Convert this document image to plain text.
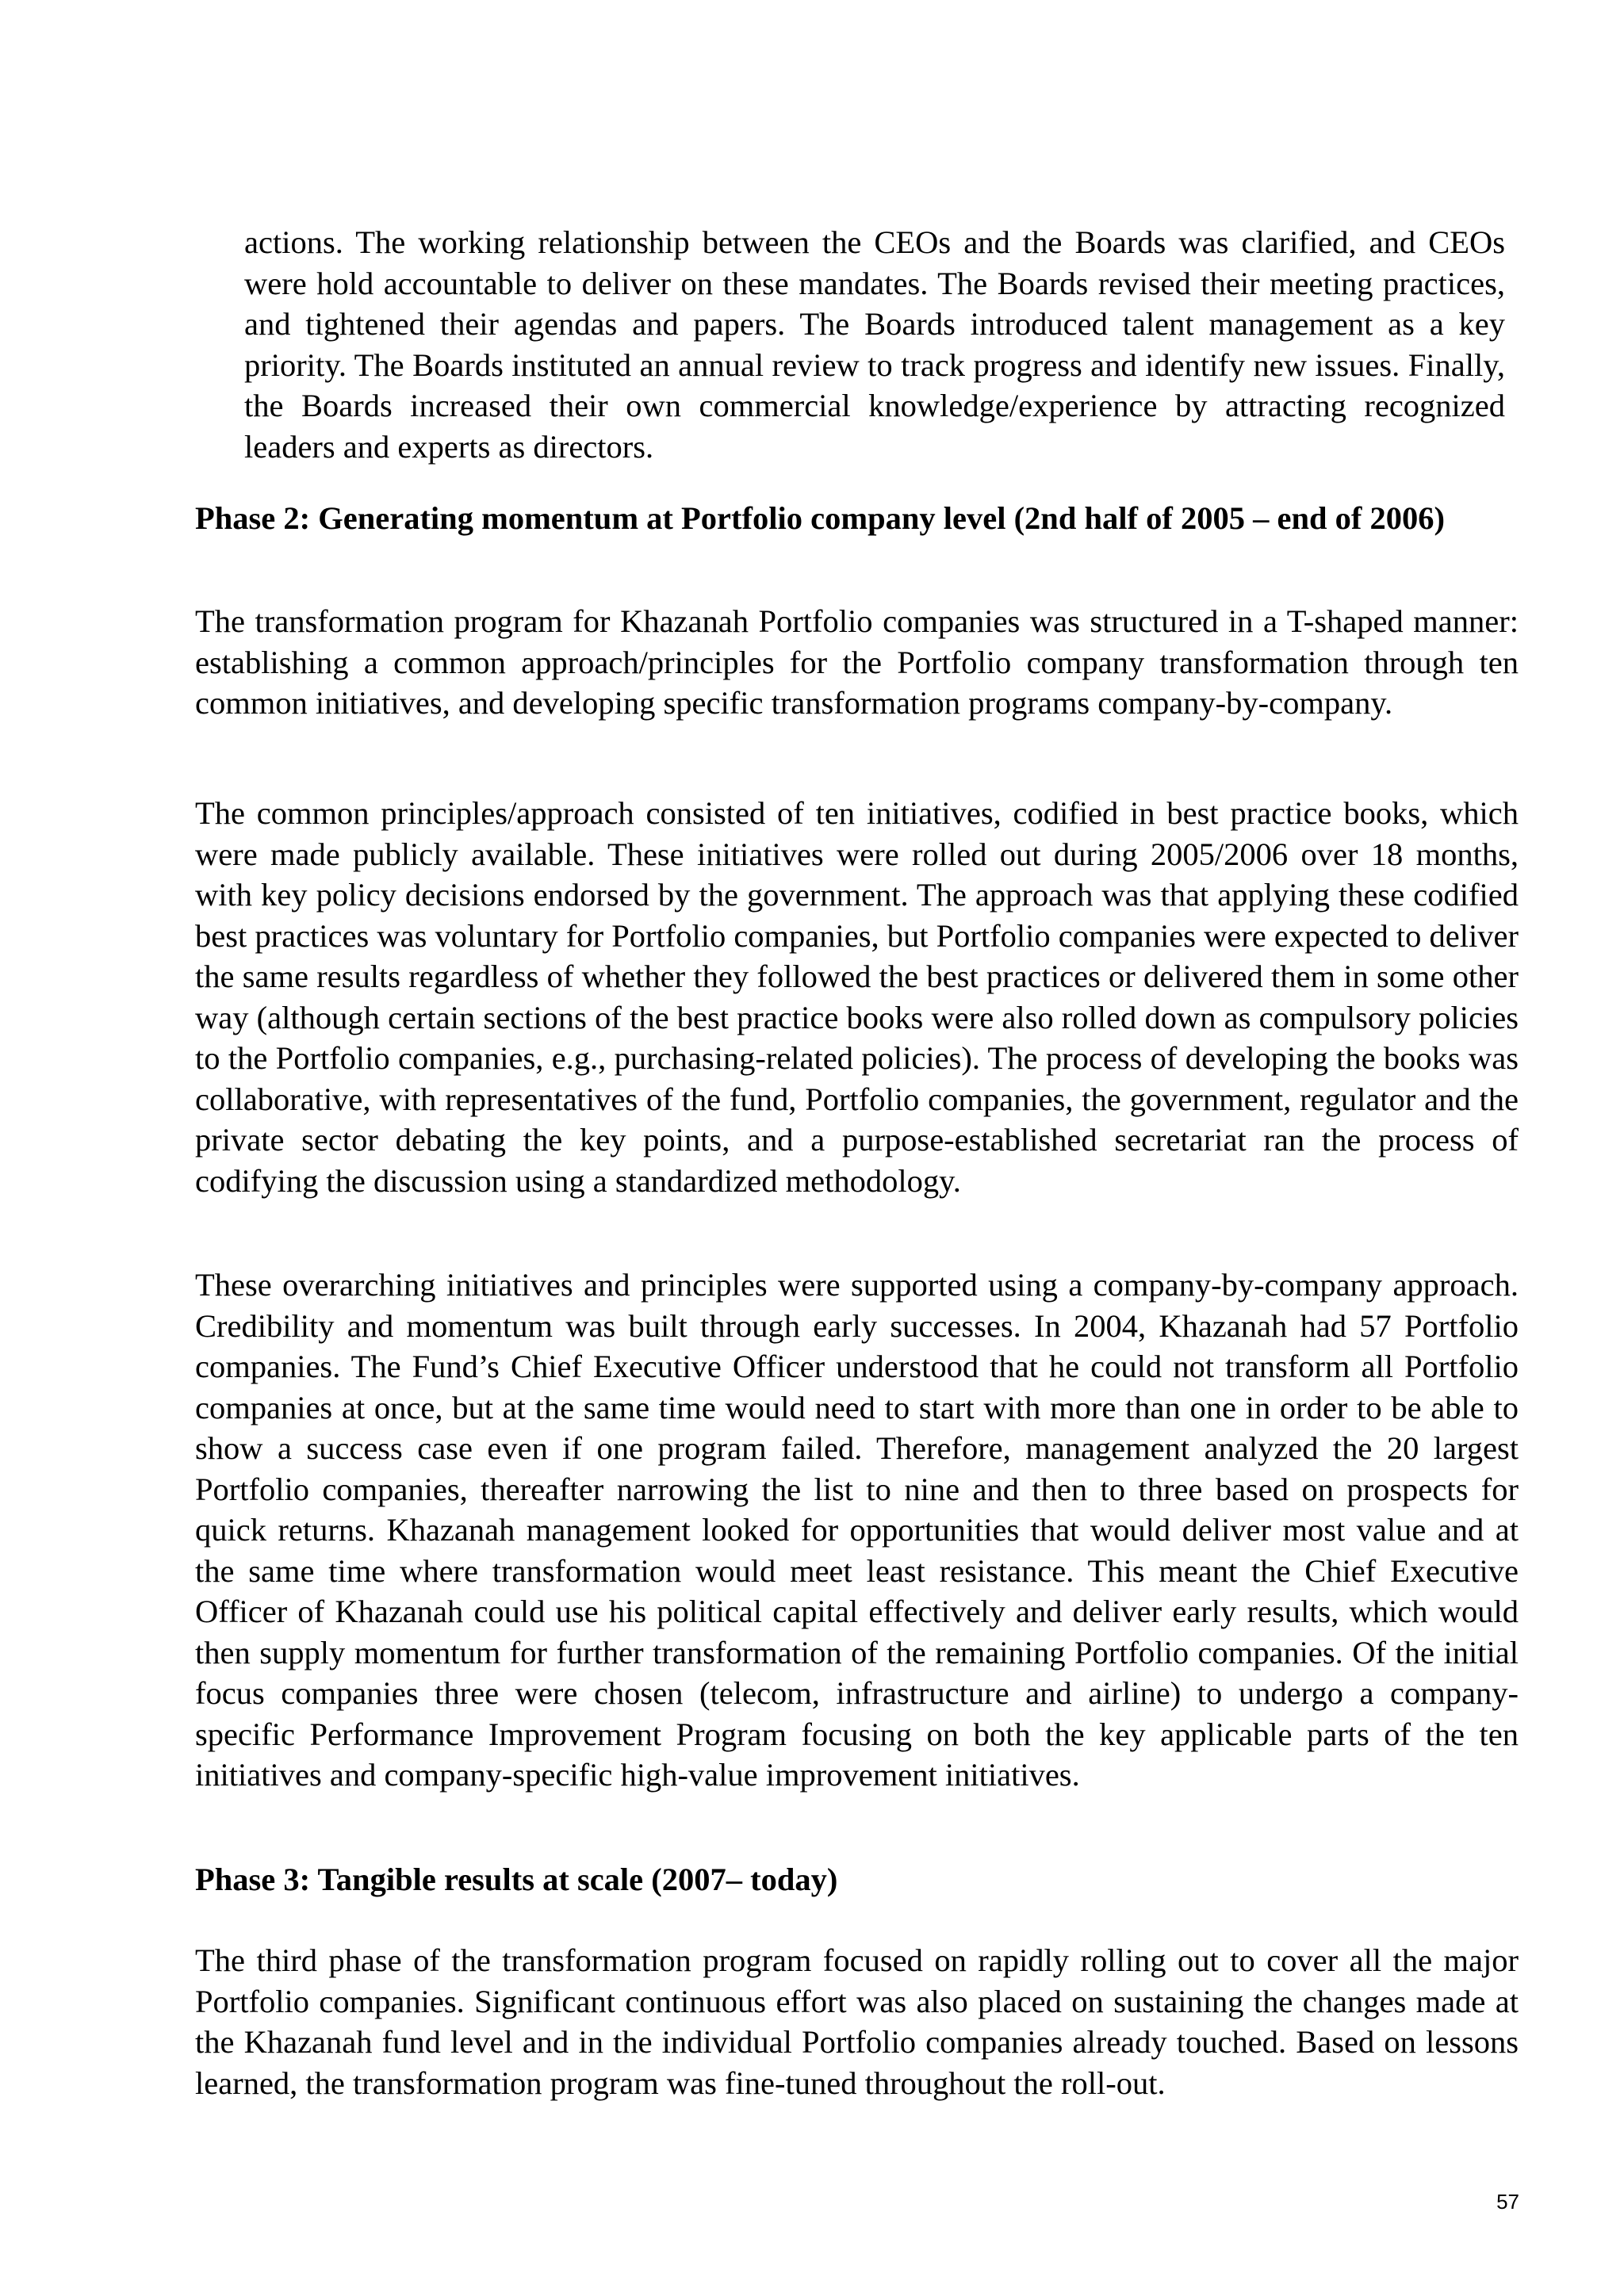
actions. The working relationship between the CEOs and the Boards was clarified, and CEOs were hold accountable to deliver on these mandates. The Boards revised their meeting practices, and tightened their agendas and papers. The Boards introduced talent management as a key priority. The Boards instituted an annual review to track progress and identify new issues. Finally, the Boards increased their own commercial knowledge/experience by attracting recognized leaders and experts as directors.

Phase 2: Generating momentum at Portfolio company level (2nd half of 2005 – end of 2006)

The transformation program for Khazanah Portfolio companies was structured in a T-shaped manner: establishing a common approach/principles for the Portfolio company transformation through ten common initiatives, and developing specific transformation programs company-by-company.

The common principles/approach consisted of ten initiatives, codified in best practice books, which were made publicly available. These initiatives were rolled out during 2005/2006 over 18 months, with key policy decisions endorsed by the government. The approach was that applying these codified best practices was voluntary for Portfolio companies, but Portfolio companies were expected to deliver the same results regardless of whether they followed the best practices or delivered them in some other way (although certain sections of the best practice books were also rolled down as compulsory policies to the Portfolio companies, e.g., purchasing-related policies). The process of developing the books was collaborative, with representatives of the fund, Portfolio companies, the government, regulator and the private sector debating the key points, and a purpose-established secretariat ran the process of codifying the discussion using a standardized methodology.

These overarching initiatives and principles were supported using a company-by-company approach. Credibility and momentum was built through early successes. In 2004, Khazanah had 57 Portfolio companies. The Fund’s Chief Executive Officer understood that he could not transform all Portfolio companies at once, but at the same time would need to start with more than one in order to be able to show a success case even if one program failed. Therefore, management analyzed the 20 largest Portfolio companies, thereafter narrowing the list to nine and then to three based on prospects for quick returns. Khazanah management looked for opportunities that would deliver most value and at the same time where transformation would meet least resistance. This meant the Chief Executive Officer of Khazanah could use his political capital effectively and deliver early results, which would then supply momentum for further transformation of the remaining Portfolio companies. Of the initial focus companies three were chosen (telecom, infrastructure and airline) to undergo a company-specific Performance Improvement Program focusing on both the key applicable parts of the ten initiatives and company-specific high-value improvement initiatives.

Phase 3: Tangible results at scale (2007– today)

The third phase of the transformation program focused on rapidly rolling out to cover all the major Portfolio companies. Significant continuous effort was also placed on sustaining the changes made at the Khazanah fund level and in the individual Portfolio companies already touched. Based on lessons learned, the transformation program was fine-tuned throughout the roll-out.

57
